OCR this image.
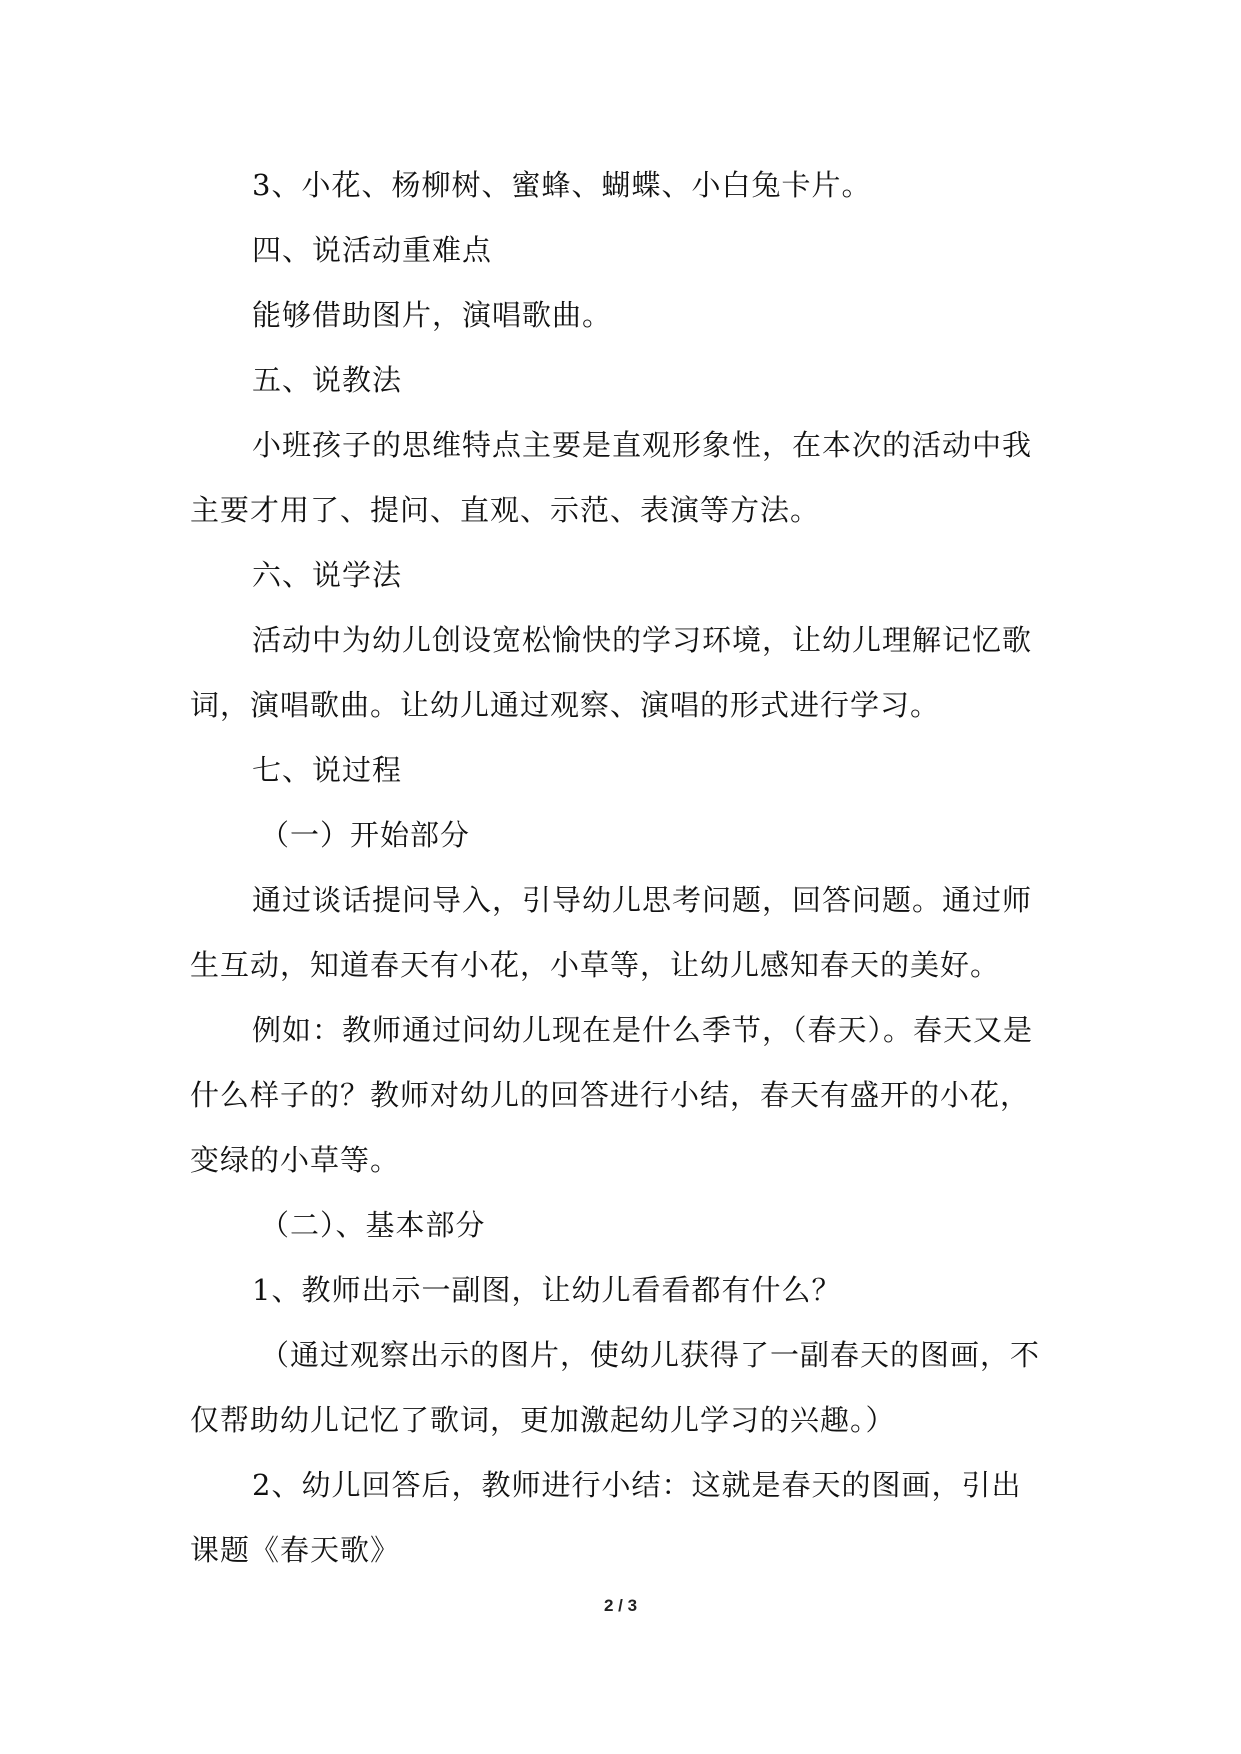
3、小花、杨柳树、蜜蜂、蝴蝶、小白兔卡片。
四、说活动重难点
能够借助图片，演唱歌曲。
五、说教法
小班孩子的思维特点主要是直观形象性，在本次的活动中我
主要才用了、提问、直观、示范、表演等方法。
六、说学法
活动中为幼儿创设宽松愉快的学习环境，让幼儿理解记忆歌
词，演唱歌曲。让幼儿通过观察、演唱的形式进行学习。
七、说过程
（一）开始部分
通过谈话提问导入，引导幼儿思考问题，回答问题。通过师
生互动，知道春天有小花，小草等，让幼儿感知春天的美好。
例如：教师通过问幼儿现在是什么季节，（春天）。春天又是
什么样子的？教师对幼儿的回答进行小结，春天有盛开的小花，
变绿的小草等。
（二）、基本部分
1、教师出示一副图，让幼儿看看都有什么？
（通过观察出示的图片，使幼儿获得了一副春天的图画，不
仅帮助幼儿记忆了歌词，更加激起幼儿学习的兴趣。）
2、幼儿回答后，教师进行小结：这就是春天的图画，引出
课题《春天歌》
2 / 3
